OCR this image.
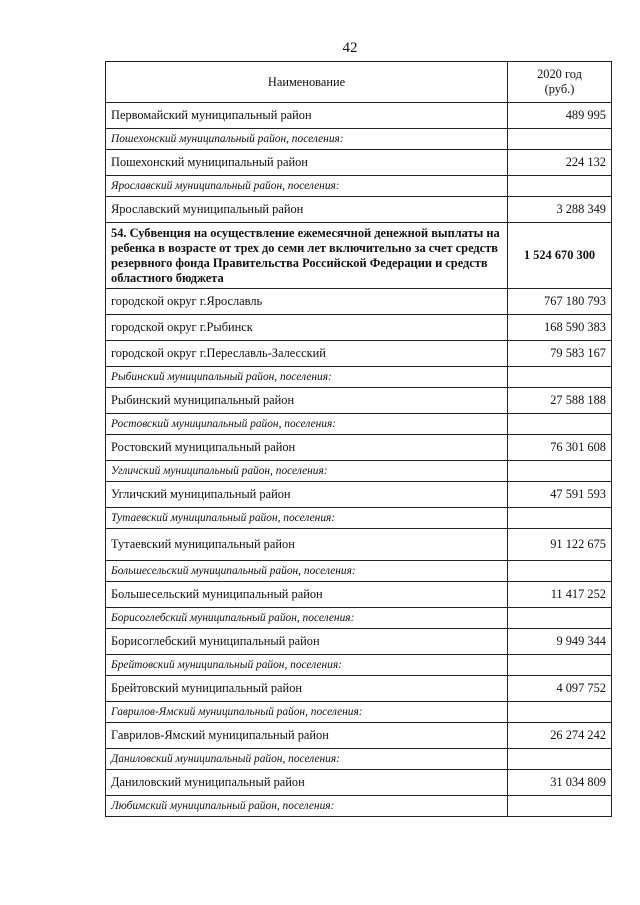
42
Наименование	2020 год
(руб.)

Первомайский муниципальный район	489 995
Пошехонский муниципальный район, поселения:	
Пошехонский муниципальный район	224 132
Ярославский муниципальный район, поселения:	
Ярославский муниципальный район	3 288 349
54. Субвенция на осуществление ежемесячной денежной выплаты на ребенка в возрасте от трех до семи лет включительно за счет средств резервного фонда Правительства Российской Федерации и средств областного бюджета	1 524 670 300
городской округ г.Ярославль	767 180 793
городской округ г.Рыбинск	168 590 383
городской округ г.Переславль-Залесский	79 583 167
Рыбинский муниципальный район, поселения:	
Рыбинский муниципальный район	27 588 188
Ростовский муниципальный район, поселения:	
Ростовский муниципальный район	76 301 608
Угличский муниципальный район, поселения:	
Угличский муниципальный район	47 591 593
Тутаевский муниципальный район, поселения:	
Тутаевский муниципальный район	91 122 675
Большесельский муниципальный район, поселения:	
Большесельский муниципальный район	11 417 252
Борисоглебский муниципальный район, поселения:	
Борисоглебский муниципальный район	9 949 344
Брейтовский муниципальный район, поселения:	
Брейтовский муниципальный район	4 097 752
Гаврилов-Ямский муниципальный район, поселения:	
Гаврилов-Ямский муниципальный район	26 274 242
Даниловский муниципальный район, поселения:	
Даниловский муниципальный район	31 034 809
Любимский муниципальный район, поселения:	
